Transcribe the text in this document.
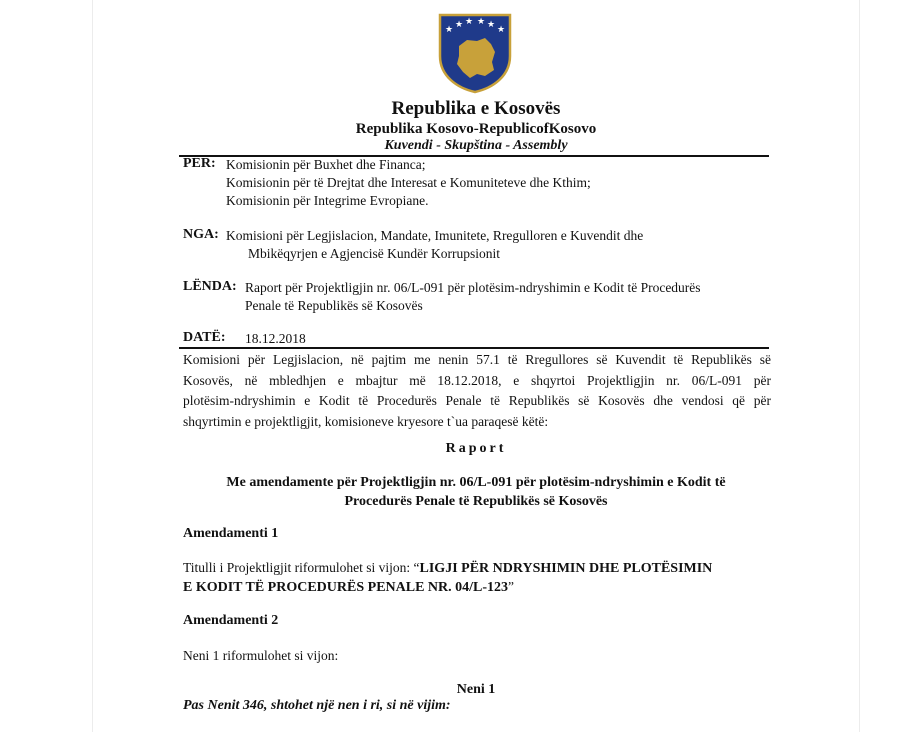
★ ★ ★ ★ ★ ★
Republika e Kosovës
Republika Kosovo-RepublicofKosovo
Kuvendi - Skupština - Assembly
PËR: Komisionin për Buxhet dhe Financa;
Komisionin për të Drejtat dhe Interesat e Komuniteteve dhe Kthim;
Komisionin për Integrime Evropiane.
NGA: Komisioni për Legjislacion, Mandate, Imunitete, Rregulloren e Kuvendit dhe
Mbikëqyrjen e Agjencisë Kundër Korrupsionit
LËNDA: Raport për Projektligjin nr. 06/L-091 për plotësim-ndryshimin e Kodit të Procedurës
Penale të Republikës së Kosovës
DATË: 18.12.2018
Komisioni për Legjislacion, në pajtim me nenin 57.1 të Rregullores së Kuvendit të Republikës së
Kosovës, në mbledhjen e mbajtur më 18.12.2018, e shqyrtoi Projektligjin nr. 06/L-091 për
plotësim-ndryshimin e Kodit të Procedurës Penale të Republikës së Kosovës dhe vendosi që për
shqyrtimin e projektligjit, komisioneve kryesore t`ua paraqesë këtë:
Raport
Me amendamente për Projektligjin nr. 06/L-091 për plotësim-ndryshimin e Kodit të
Procedurës Penale të Republikës së Kosovës
Amendamenti 1
Titulli i Projektligjit riformulohet si vijon: “LIGJI PËR NDRYSHIMIN DHE PLOTËSIMIN
E KODIT TË PROCEDURËS PENALE NR. 04/L-123”
Amendamenti 2
Neni 1 riformulohet si vijon:
Neni 1
Pas Nenit 346, shtohet një nen i ri, si në vijim:
